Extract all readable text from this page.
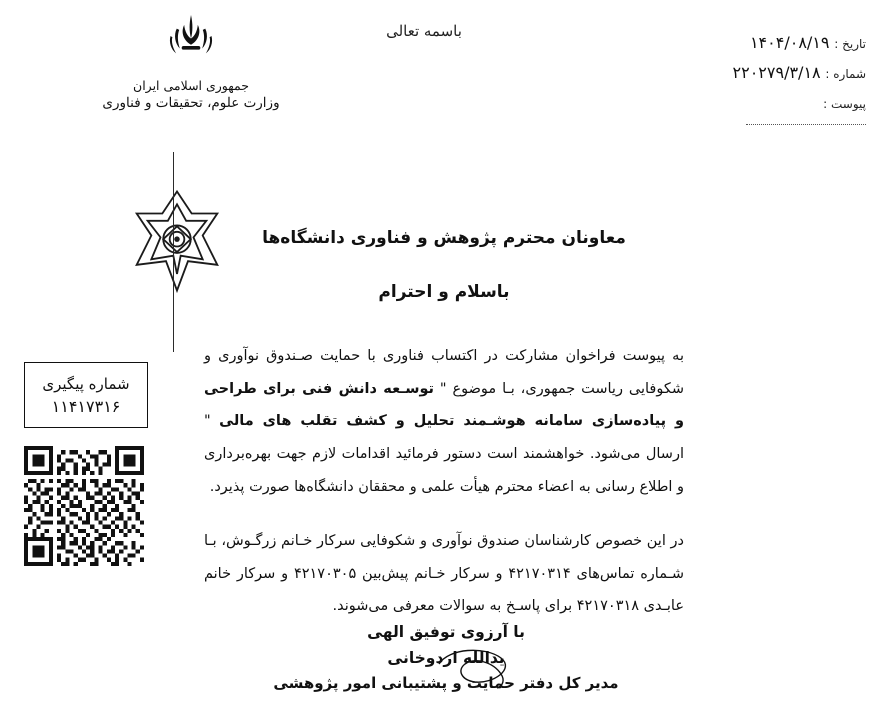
تاریخ : ۱۴۰۴/۰۸/۱۹
شماره : ۲۲۰۲۷۹/۳/۱۸
پیوست :
باسمه تعالی
جمهوری اسلامی ایران
وزارت علوم، تحقیقات و فناوری
شماره پیگیری
۱۱۴۱۷۳۱۶
معاونان محترم پژوهش و فناوری دانشگاه‌ها
باسلام و احترام

به پیوست فراخوان مشارکت در اکتساب فناوری با حمایت صـندوق نوآوری و شکوفایی ریاست جمهوری، بـا موضوع " توسـعه دانش فنی برای طراحی و پیاده‌سازی سامانه هوشـمند تحلیل و کشف تقلب های مالی " ارسال می‌شود. خواهشمند است دستور فرمائید اقدامات لازم جهت بهره‌برداری و اطلاع رسانی به اعضاء محترم هیأت علمی و محققان دانشگاه‌ها صورت پذیرد.

در این خصوص کارشناسان صندوق نوآوری و شکوفایی سرکار خـانم زرگـوش، بـا شـماره تماس‌های ۴۲۱۷۰۳۱۴ و سرکار خـانم پیش‌بین ۴۲۱۷۰۳۰۵ و سرکار خانم عابـدی ۴۲۱۷۰۳۱۸ برای پاسـخ به سوالات معرفی می‌شوند.

با آرزوی توفیق الهی
یدالله اردوخانی
مدیر کل دفتر حمایت و پشتیبانی امور پژوهشی
